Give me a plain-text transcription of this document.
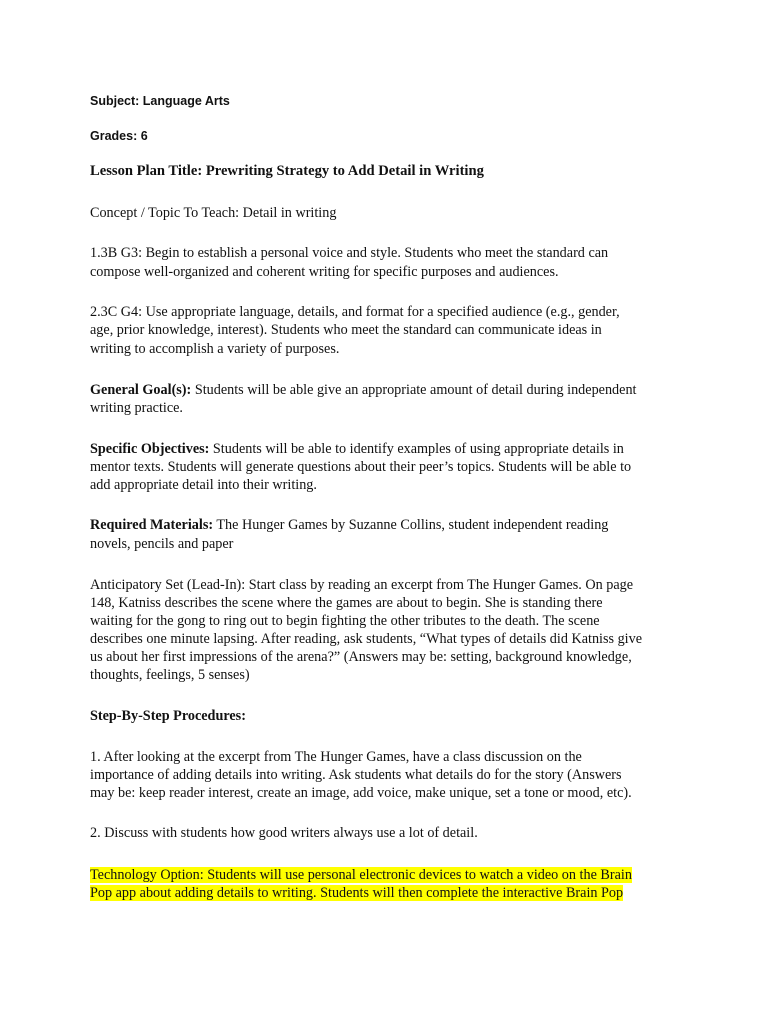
Subject: Language Arts
Grades: 6
Lesson Plan Title: Prewriting Strategy to Add Detail in Writing
Concept / Topic To Teach: Detail in writing
1.3B G3: Begin to establish a personal voice and style. Students who meet the standard can
compose well-organized and coherent writing for specific purposes and audiences.
2.3C G4: Use appropriate language, details, and format for a specified audience (e.g., gender,
age, prior knowledge, interest). Students who meet the standard can communicate ideas in
writing to accomplish a variety of purposes.
General Goal(s): Students will be able give an appropriate amount of detail during independent
writing practice.
Specific Objectives: Students will be able to identify examples of using appropriate details in
mentor texts. Students will generate questions about their peer’s topics. Students will be able to
add appropriate detail into their writing.
Required Materials: The Hunger Games by Suzanne Collins, student independent reading
novels, pencils and paper
Anticipatory Set (Lead-In): Start class by reading an excerpt from The Hunger Games. On page
148, Katniss describes the scene where the games are about to begin. She is standing there
waiting for the gong to ring out to begin fighting the other tributes to the death. The scene
describes one minute lapsing. After reading, ask students, “What types of details did Katniss give
us about her first impressions of the arena?” (Answers may be: setting, background knowledge,
thoughts, feelings, 5 senses)
Step-By-Step Procedures:
1. After looking at the excerpt from The Hunger Games, have a class discussion on the
importance of adding details into writing. Ask students what details do for the story (Answers
may be: keep reader interest, create an image, add voice, make unique, set a tone or mood, etc).
2. Discuss with students how good writers always use a lot of detail.
Technology Option: Students will use personal electronic devices to watch a video on the Brain
Pop app about adding details to writing. Students will then complete the interactive Brain Pop
